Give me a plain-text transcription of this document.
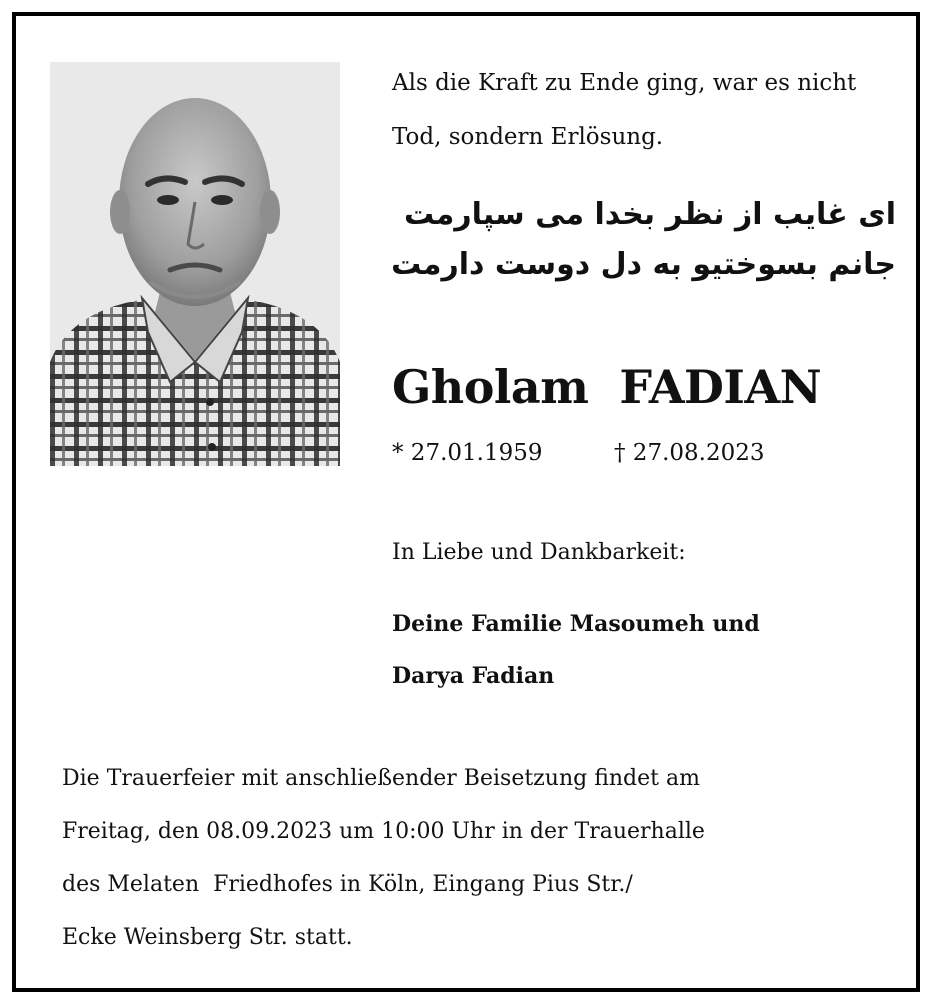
Als die Kraft zu Ende ging, war es nicht
Tod, sondern Erlösung.
ای غایب از نظر بخدا می سپارمت
جانم بسوختیو به دل دوست دارمت
Gholam  FADIAN
* 27.01.1959	† 27.08.2023
In Liebe und Dankbarkeit:
Deine Familie Masoumeh und
Darya Fadian
Die Trauerfeier mit anschließender Beisetzung findet am
Freitag, den 08.09.2023 um 10:00 Uhr in der Trauerhalle
des Melaten  Friedhofes in Köln, Eingang Pius Str./
Ecke Weinsberg Str. statt.
